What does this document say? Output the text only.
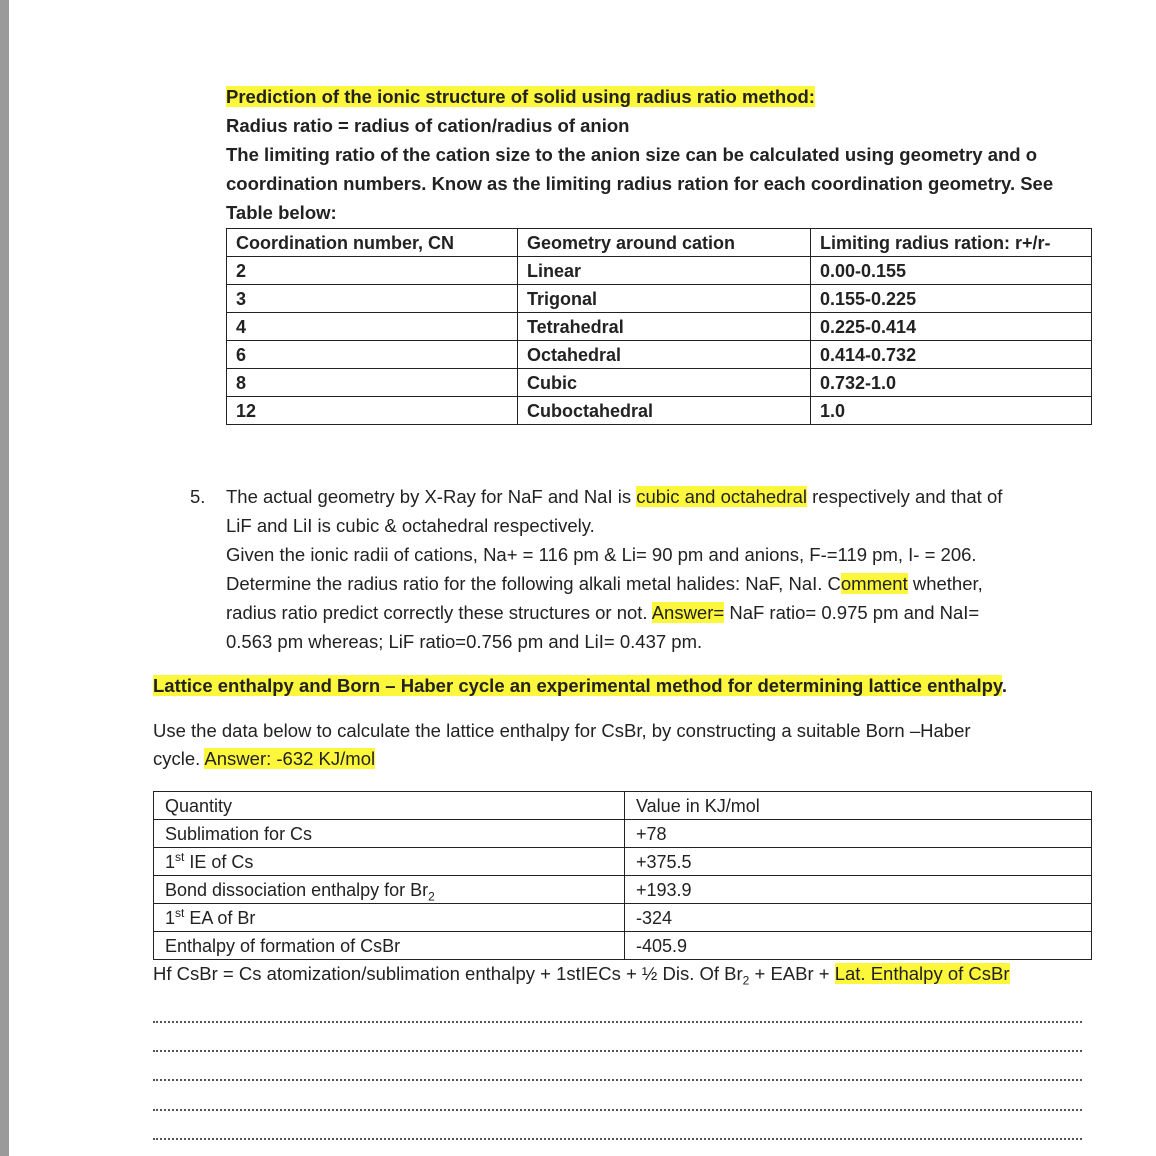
Prediction of the ionic structure of solid using radius ratio method:
Radius ratio = radius of cation/radius of anion
The limiting ratio of the cation size to the anion size can be calculated using geometry and o
coordination numbers. Know as the limiting radius ration for each coordination geometry. See
Table below:
Coordination number, CN	Geometry around cation	Limiting radius ration: r+/r-
2	Linear	0.00-0.155
3	Trigonal	0.155-0.225
4	Tetrahedral	0.225-0.414
6	Octahedral	0.414-0.732
8	Cubic	0.732-1.0
12	Cuboctahedral	1.0
5. The actual geometry by X-Ray for NaF and NaI is cubic and octahedral respectively and that of
LiF and LiI is cubic & octahedral respectively.
Given the ionic radii of cations, Na+ = 116 pm & Li= 90 pm and anions, F-=119 pm, I- = 206.
Determine the radius ratio for the following alkali metal halides: NaF, NaI. Comment whether,
radius ratio predict correctly these structures or not. Answer= NaF ratio= 0.975 pm and NaI=
0.563 pm whereas; LiF ratio=0.756 pm and LiI= 0.437 pm.
Lattice enthalpy and Born – Haber cycle an experimental method for determining lattice enthalpy.
Use the data below to calculate the lattice enthalpy for CsBr, by constructing a suitable Born –Haber
cycle. Answer: -632 KJ/mol
Quantity	Value in KJ/mol
Sublimation for Cs	+78
1st IE of Cs	+375.5
Bond dissociation enthalpy for $Br_2$	+193.9
1st EA of Br	-324
Enthalpy of formation of CsBr	-405.9
Hf CsBr = Cs atomization/sublimation enthalpy + 1stIECs + ½ Dis. Of $Br_2$ + EABr + Lat. Enthalpy of CsBr
